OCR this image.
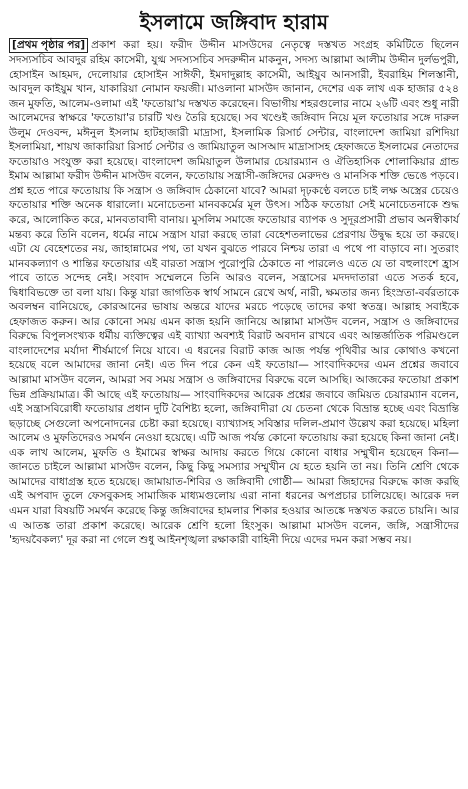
ইসলামে জঙ্গিবাদ হারাম

[প্রথম পৃষ্ঠার পর] প্রকাশ করা হয়। ফরীদ উদ্দীন মাসউদের নেতৃত্বে দস্তখত সংগ্রহ কমিটিতে ছিলেন সদস্যসচিব আবদুর রহিম কাসেমী, যুগ্ম সদস্যসচিব সদরুদ্দীন মাকনুন, সদস্য আল্লামা আলীম উদ্দীন দুর্লভপুরী, হোসাইন আহমদ, দেলোয়ার হোসাইন সাঈফী, ইমদাদুল্লাহ কাসেমী, আইয়ুব আনসারী, ইবরাহিম শিলস্তানী, আবদুল কাইয়ুম খান, যাকারিয়া নোমান ফয়জী। মাওলানা মাসউদ জানান, দেশের এক লাখ এক হাজার ৫২৪ জন মুফতি, আলেম-ওলামা এই 'ফতোয়া'য় দস্তখত করেছেন। বিভাগীয় শহরগুলোর নামে ২৬টি এবং শুধু নারী আলেমদের স্বাক্ষরে 'ফতোয়া'র চারটি খণ্ড তৈরি হয়েছে। সব খণ্ডেই জঙ্গিবাদ নিয়ে মূল ফতোয়ার সঙ্গে দারুল উলুম দেওবন্দ, মঈনুল ইসলাম হাটহাজারী মাদ্রাসা, ইসলামিক রিসার্চ সেন্টার, বাংলাদেশ জামিয়া রশিদিয়া ইসলামিয়া, শায়খ জাকারিয়া রিসার্চ সেন্টার ও জামিয়াতুল আসআদ মাদ্রাসাসহ হেফাজতে ইসলামের নেতাদের ফতোয়াও সংযুক্ত করা হয়েছে। বাংলাদেশ জমিয়াতুল উলামার চেয়ারম্যান ও ঐতিহাসিক শোলাকিয়ার গ্রান্ড ইমাম আল্লামা ফরীদ উদ্দীন মাসউদ বলেন, ফতোয়ায় সন্ত্রাসী-জঙ্গিদের মেরুদণ্ড ও মানসিক শক্তি ভেঙে পড়বে। প্রশ্ন হতে পারে ফতোয়ায় কি সন্ত্রাস ও জঙ্গিবাদ ঠেকানো যাবে? আমরা দৃঢ়কণ্ঠে বলতে চাই লক্ষ অস্ত্রের চেয়েও ফতোয়ার শক্তি অনেক ধারালো। মনোচেতনা মানবকর্মের মূল উৎস। সঠিক ফতোয়া সেই মনোচেতনাকে শুদ্ধ করে, আলোকিত করে, মানবতাবাদী বানায়। মুসলিম সমাজে ফতোয়ার ব্যাপক ও সুদূরপ্রসারী প্রভাব অনস্বীকার্য মন্তব্য করে তিনি বলেন, ধর্মের নামে সন্ত্রাস যারা করছে তারা বেহেশতলাভের প্রেরণায় উদ্বুদ্ধ হয়ে তা করছে। এটা যে বেহেশতের নয়, জাহান্নামের পথ, তা যখন বুঝতে পারবে নিশ্চয় তারা এ পথে পা বাড়াবে না। সুতরাং মানবকল্যাণ ও শান্তির ফতোয়ার এই বারতা সন্ত্রাস পুরোপুরি ঠেকাতে না পারলেও এতে যে তা বহুলাংশে হ্রাস পাবে তাতে সন্দেহ নেই। সংবাদ সম্মেলনে তিনি আরও বলেন, সন্ত্রাসের মদদদাতারা এতে সতর্ক হবে, দ্বিধাবিভক্তে তা বলা যায়। কিন্তু যারা জাগতিক স্বার্থ সামনে রেখে অর্থ, নারী, ক্ষমতার জন্য হিংস্রতা-বর্বরতাকে অবলম্বন বানিয়েছে, কোরআনের ভাষায় অন্তরে যাদের মরচে পড়েছে তাদের কথা স্বতন্ত্র। আল্লাহ সবাইকে হেফাজত করুন। আর কোনো সময় এমন কাজ হয়নি জানিয়ে আল্লামা মাসউদ বলেন, সন্ত্রাস ও জঙ্গিবাদের বিরুদ্ধে বিপুলসংখ্যক ধর্মীয় ব্যক্তিত্বের এই ব্যাখ্যা অবশ্যই বিরাট অবদান রাখবে এবং আন্তর্জাতিক পরিমণ্ডলে বাংলাদেশের মর্যাদা শীর্ষমার্গে নিয়ে যাবে। এ ধরনের বিরাট কাজ আজ পর্যন্ত পৃথিবীর আর কোথাও কখনো হয়েছে বলে আমাদের জানা নেই। এত দিন পরে কেন এই ফতোয়া— সাংবাদিকদের এমন প্রশ্নের জবাবে আল্লামা মাসউদ বলেন, আমরা সব সময় সন্ত্রাস ও জঙ্গিবাদের বিরুদ্ধে বলে আসছি। আজকের ফতোয়া প্রকাশ ভিন্ন প্রক্রিয়ামাত্র। কী আছে এই ফতোয়ায়— সাংবাদিকদের আরেক প্রশ্নের জবাবে জমিয়ত চেয়ারম্যান বলেন, এই সন্ত্রাসবিরোধী ফতোয়ার প্রধান দুটি বৈশিষ্ট্য হলো, জঙ্গিবাদীরা যে চেতনা থেকে বিভ্রান্ত হচ্ছে এবং বিভ্রান্তি ছড়াচ্ছে সেগুলো অপনোদনের চেষ্টা করা হয়েছে। ব্যাখ্যাসহ সবিস্তার দলিল-প্রমাণ উল্লেখ করা হয়েছে। মহিলা আলেম ও মুফতিদেরও সমর্থন নেওয়া হয়েছে। এটি আজ পর্যন্ত কোনো ফতোয়ায় করা হয়েছে কিনা জানা নেই। এক লাখ আলেম, মুফতি ও ইমামের স্বাক্ষর আদায় করতে গিয়ে কোনো বাধার সম্মুখীন হয়েছেন কিনা— জানতে চাইলে আল্লামা মাসউদ বলেন, কিছু কিছু সমস্যার সম্মুখীন যে হতে হয়নি তা নয়। তিনি শ্রেণি থেকে আমাদের বাধাগ্রস্ত হতে হয়েছে। জামায়াত-শিবির ও জঙ্গিবাদী গোষ্ঠী— আমরা জিহাদের বিরুদ্ধে কাজ করছি এই অপবাদ তুলে ফেসবুকসহ সামাজিক মাধ্যমগুলোয় এরা নানা ধরনের অপপ্রচার চালিয়েছে। আরেক দল এমন যারা বিষয়টি সমর্থন করেছে কিন্তু জঙ্গিবাদের হামলার শিকার হওয়ার আতঙ্কে দস্তখত করতে চায়নি। আর এ আতঙ্ক তারা প্রকাশ করেছে। আরেক শ্রেণি হলো হিংসুক। আল্লামা মাসউদ বলেন, জঙ্গি, সন্ত্রাসীদের 'হৃদয়বৈকল্য' দূর করা না গেলে শুধু আইনশৃঙ্খলা রক্ষাকারী বাহিনী দিয়ে এদের দমন করা সম্ভব নয়।
